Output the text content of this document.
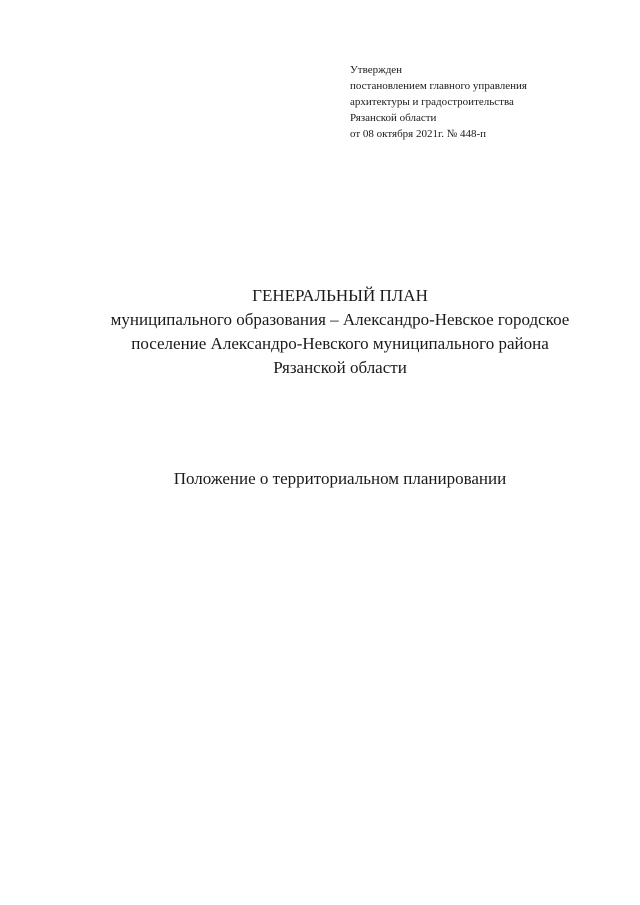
Утвержден
постановлением главного управления
архитектуры и градостроительства
Рязанской области
от 08 октября 2021г. № 448-п
ГЕНЕРАЛЬНЫЙ ПЛАН
муниципального образования – Александро-Невское городское
поселение Александро-Невского муниципального района
Рязанской области
Положение о территориальном планировании
